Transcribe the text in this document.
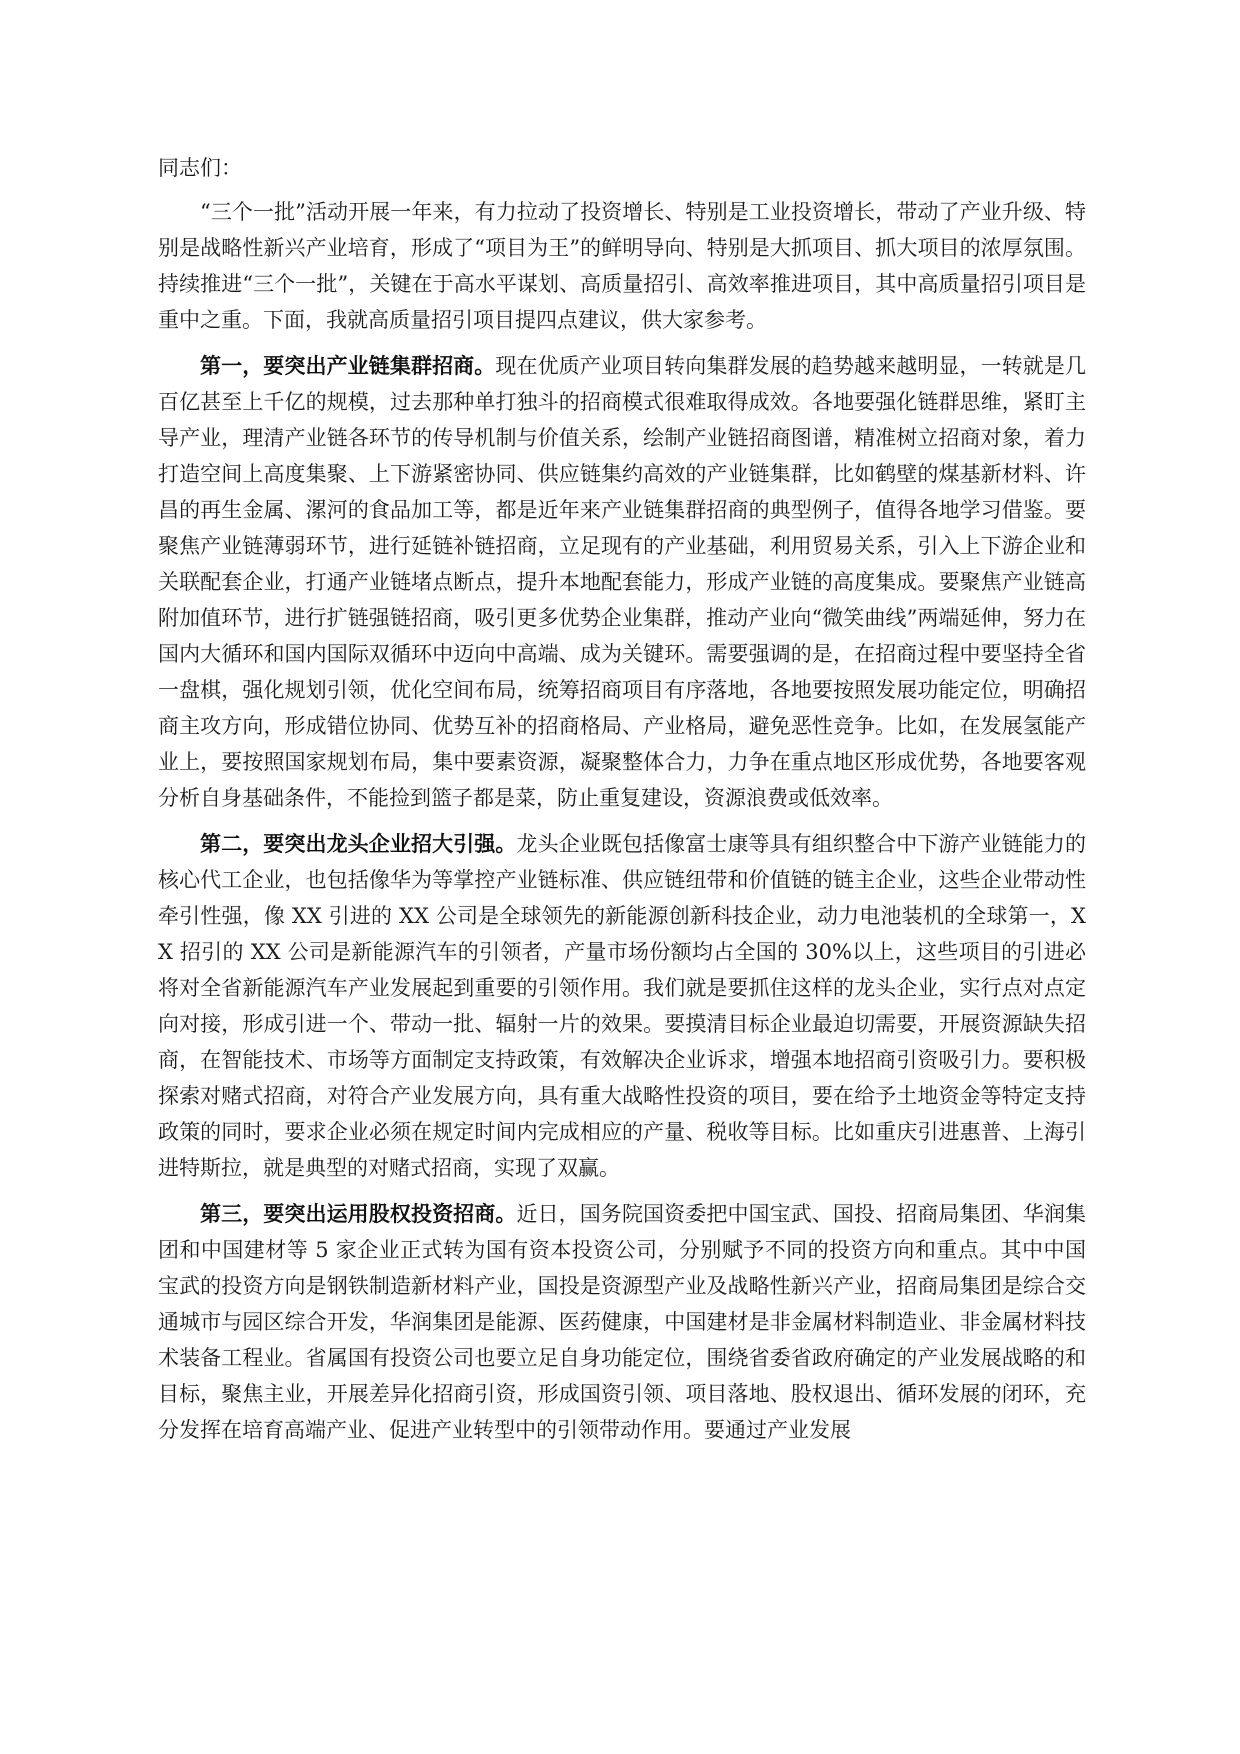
同志们：

“三个一批”活动开展一年来，有力拉动了投资增长、特别是工业投资增长，带动了产业升级、特别是战略性新兴产业培育，形成了“项目为王”的鲜明导向、特别是大抓项目、抓大项目的浓厚氛围。持续推进“三个一批”，关键在于高水平谋划、高质量招引、高效率推进项目，其中高质量招引项目是重中之重。下面，我就高质量招引项目提四点建议，供大家参考。

第一，要突出产业链集群招商。现在优质产业项目转向集群发展的趋势越来越明显，一转就是几百亿甚至上千亿的规模，过去那种单打独斗的招商模式很难取得成效。各地要强化链群思维，紧盯主导产业，理清产业链各环节的传导机制与价值关系，绘制产业链招商图谱，精准树立招商对象，着力打造空间上高度集聚、上下游紧密协同、供应链集约高效的产业链集群，比如鹤壁的煤基新材料、许昌的再生金属、漯河的食品加工等，都是近年来产业链集群招商的典型例子，值得各地学习借鉴。要聚焦产业链薄弱环节，进行延链补链招商，立足现有的产业基础，利用贸易关系，引入上下游企业和关联配套企业，打通产业链堵点断点，提升本地配套能力，形成产业链的高度集成。要聚焦产业链高附加值环节，进行扩链强链招商，吸引更多优势企业集群，推动产业向“微笑曲线”两端延伸，努力在国内大循环和国内国际双循环中迈向中高端、成为关键环。需要强调的是，在招商过程中要坚持全省一盘棋，强化规划引领，优化空间布局，统筹招商项目有序落地，各地要按照发展功能定位，明确招商主攻方向，形成错位协同、优势互补的招商格局、产业格局，避免恶性竞争。比如，在发展氢能产业上，要按照国家规划布局，集中要素资源，凝聚整体合力，力争在重点地区形成优势，各地要客观分析自身基础条件，不能捡到篮子都是菜，防止重复建设，资源浪费或低效率。

第二，要突出龙头企业招大引强。龙头企业既包括像富士康等具有组织整合中下游产业链能力的核心代工企业，也包括像华为等掌控产业链标准、供应链纽带和价值链的链主企业，这些企业带动性牵引性强，像 XX 引进的 XX 公司是全球领先的新能源创新科技企业，动力电池装机的全球第一，XX 招引的 XX 公司是新能源汽车的引领者，产量市场份额均占全国的 30%以上，这些项目的引进必将对全省新能源汽车产业发展起到重要的引领作用。我们就是要抓住这样的龙头企业，实行点对点定向对接，形成引进一个、带动一批、辐射一片的效果。要摸清目标企业最迫切需要，开展资源缺失招商，在智能技术、市场等方面制定支持政策，有效解决企业诉求，增强本地招商引资吸引力。要积极探索对赌式招商，对符合产业发展方向，具有重大战略性投资的项目，要在给予土地资金等特定支持政策的同时，要求企业必须在规定时间内完成相应的产量、税收等目标。比如重庆引进惠普、上海引进特斯拉，就是典型的对赌式招商，实现了双赢。

第三，要突出运用股权投资招商。近日，国务院国资委把中国宝武、国投、招商局集团、华润集团和中国建材等 5 家企业正式转为国有资本投资公司，分别赋予不同的投资方向和重点。其中中国宝武的投资方向是钢铁制造新材料产业，国投是资源型产业及战略性新兴产业，招商局集团是综合交通城市与园区综合开发，华润集团是能源、医药健康，中国建材是非金属材料制造业、非金属材料技术装备工程业。省属国有投资公司也要立足自身功能定位，围绕省委省政府确定的产业发展战略的和目标，聚焦主业，开展差异化招商引资，形成国资引领、项目落地、股权退出、循环发展的闭环，充分发挥在培育高端产业、促进产业转型中的引领带动作用。要通过产业发展
